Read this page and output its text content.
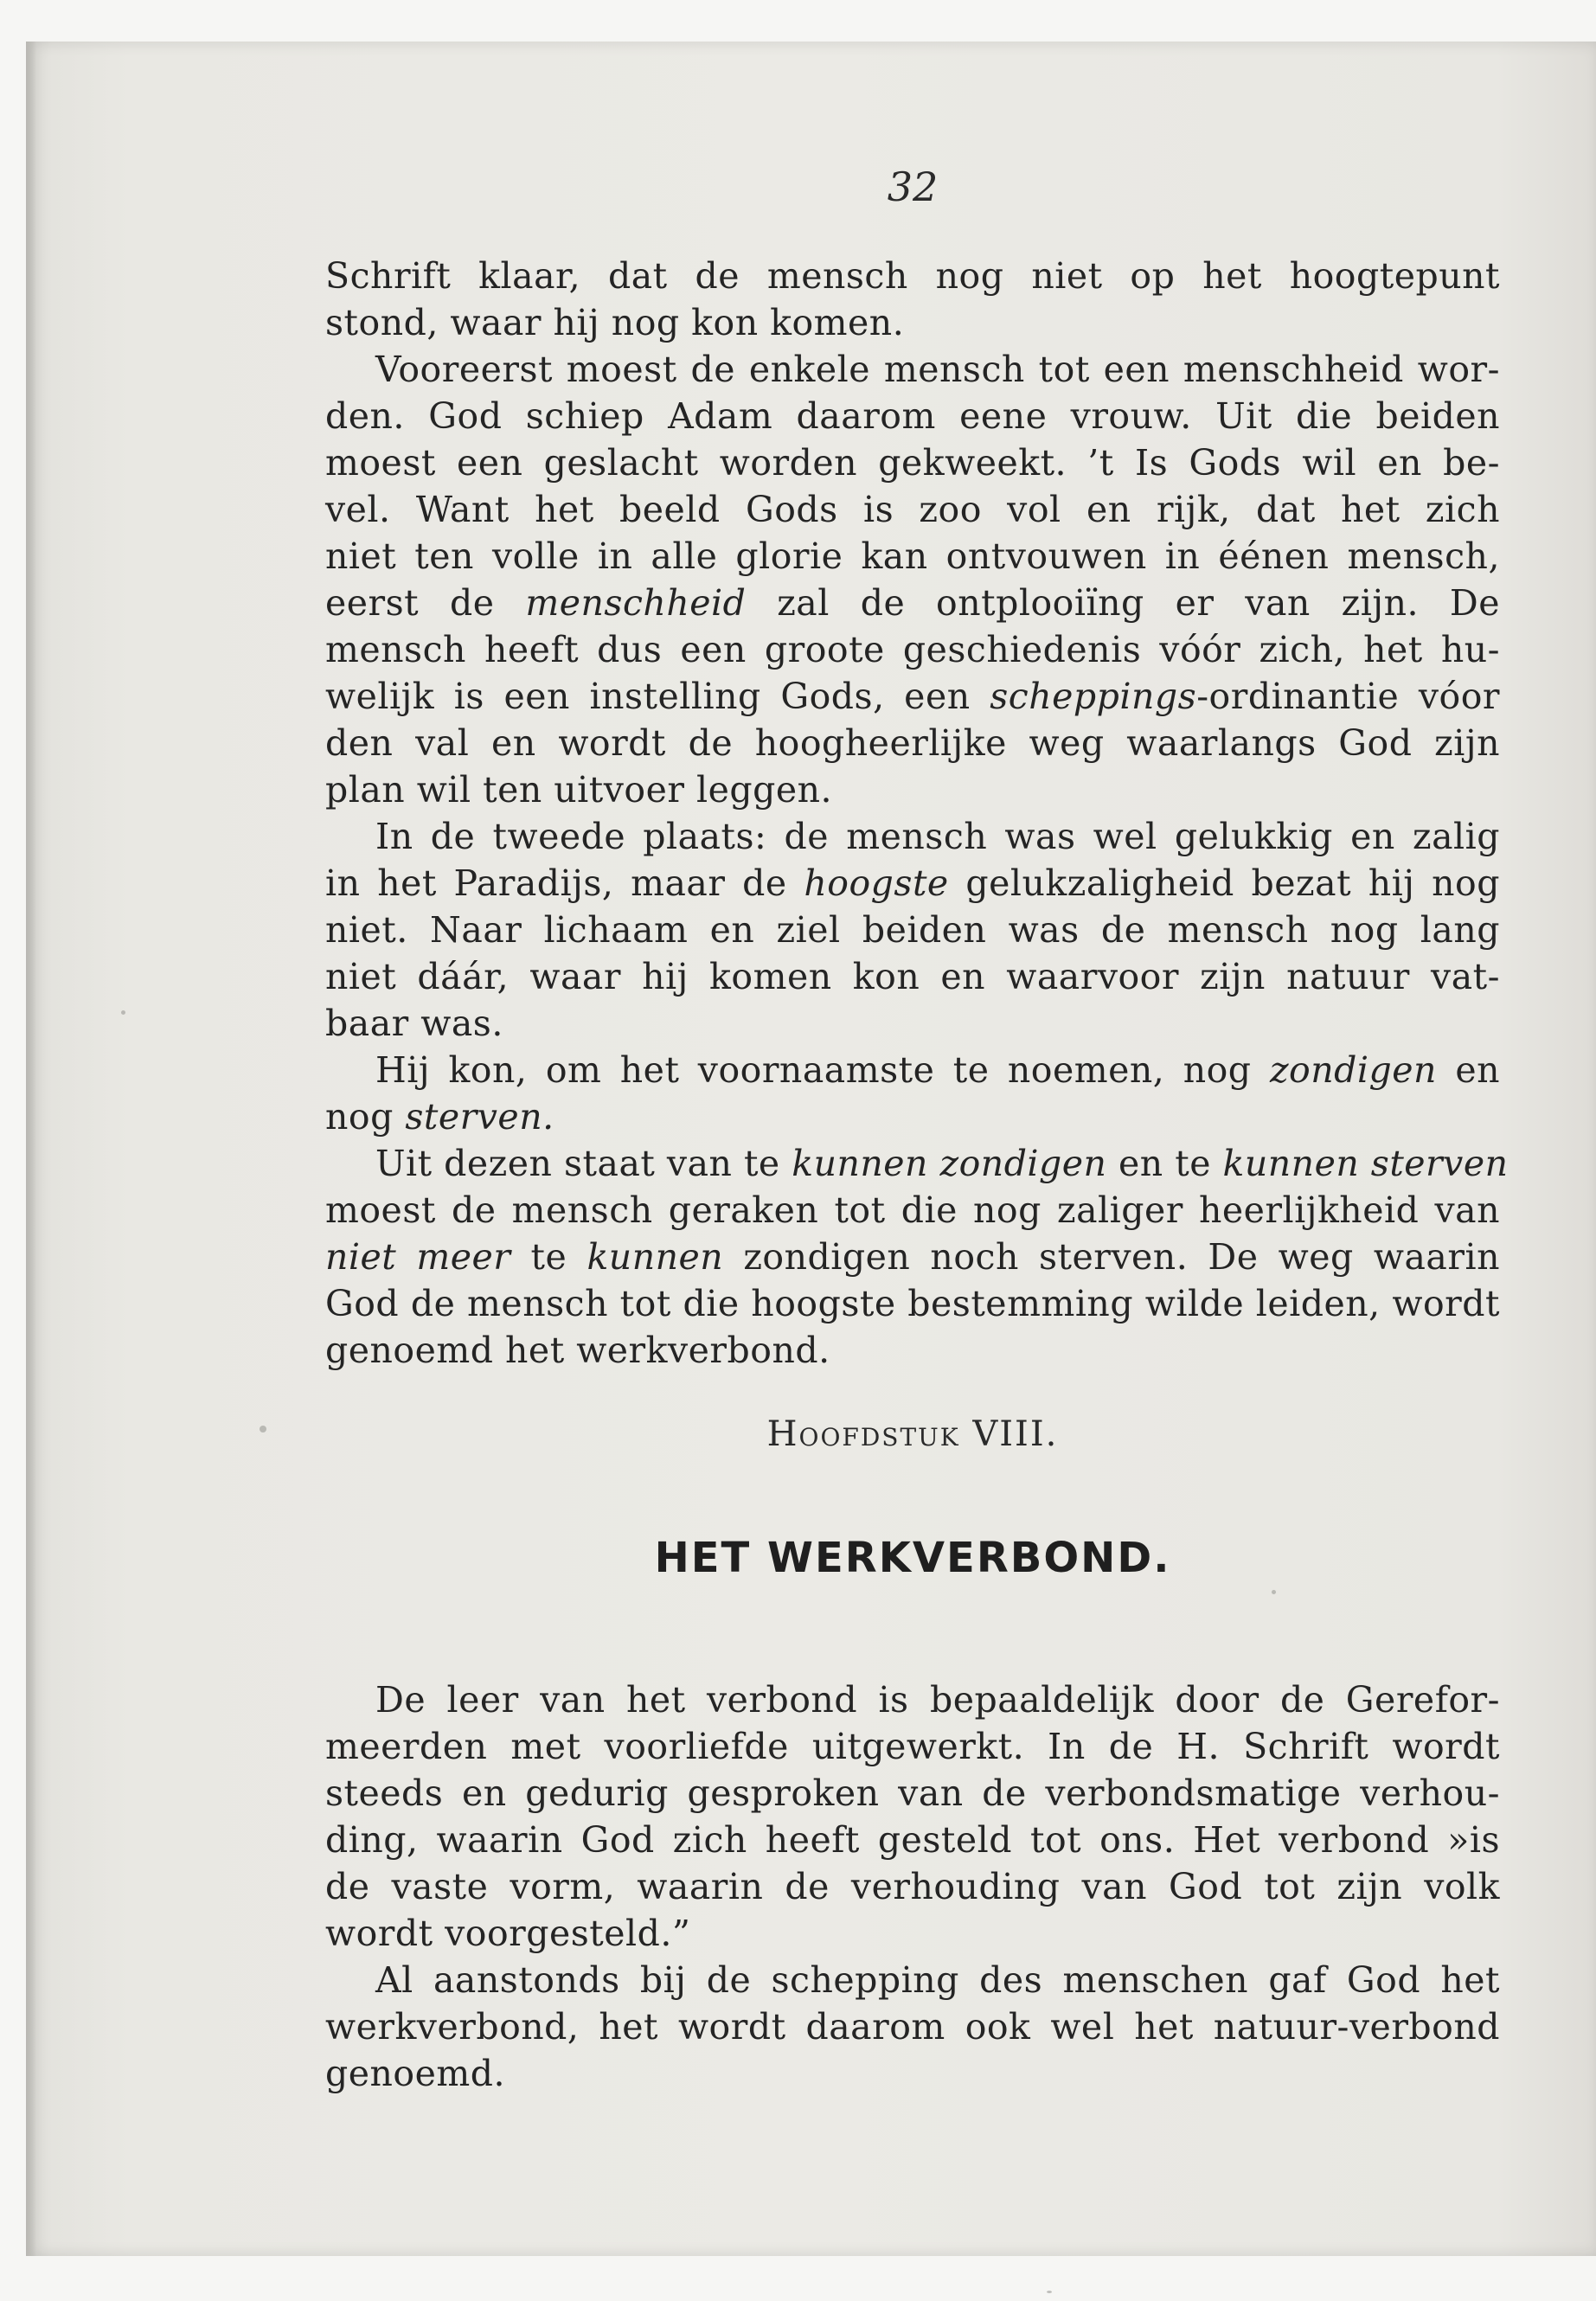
32
Schrift klaar, dat de mensch nog niet op het hoogtepunt
stond, waar hij nog kon komen.
Vooreerst moest de enkele mensch tot een menschheid wor-
den. God schiep Adam daarom eene vrouw. Uit die beiden
moest een geslacht worden gekweekt. ’t Is Gods wil en be-
vel. Want het beeld Gods is zoo vol en rijk, dat het zich
niet ten volle in alle glorie kan ontvouwen in éénen mensch,
eerst de menschheid zal de ontplooiïng er van zijn. De
mensch heeft dus een groote geschiedenis vóór zich, het hu-
welijk is een instelling Gods, een scheppings-ordinantie vóor
den val en wordt de hoogheerlijke weg waarlangs God zijn
plan wil ten uitvoer leggen.
In de tweede plaats: de mensch was wel gelukkig en zalig
in het Paradijs, maar de hoogste gelukzaligheid bezat hij nog
niet. Naar lichaam en ziel beiden was de mensch nog lang
niet dáár, waar hij komen kon en waarvoor zijn natuur vat-
baar was.
Hij kon, om het voornaamste te noemen, nog zondigen en
nog sterven.
Uit dezen staat van te kunnen zondigen en te kunnen sterven
moest de mensch geraken tot die nog zaliger heerlijkheid van
niet meer te kunnen zondigen noch sterven. De weg waarin
God de mensch tot die hoogste bestemming wilde leiden, wordt
genoemd het werkverbond.
Hoofdstuk VIII.
HET WERKVERBOND.
De leer van het verbond is bepaaldelijk door de Gerefor-
meerden met voorliefde uitgewerkt. In de H. Schrift wordt
steeds en gedurig gesproken van de verbondsmatige verhou-
ding, waarin God zich heeft gesteld tot ons. Het verbond »is
de vaste vorm, waarin de verhouding van God tot zijn volk
wordt voorgesteld.”
Al aanstonds bij de schepping des menschen gaf God het
werkverbond, het wordt daarom ook wel het natuur-verbond
genoemd.
